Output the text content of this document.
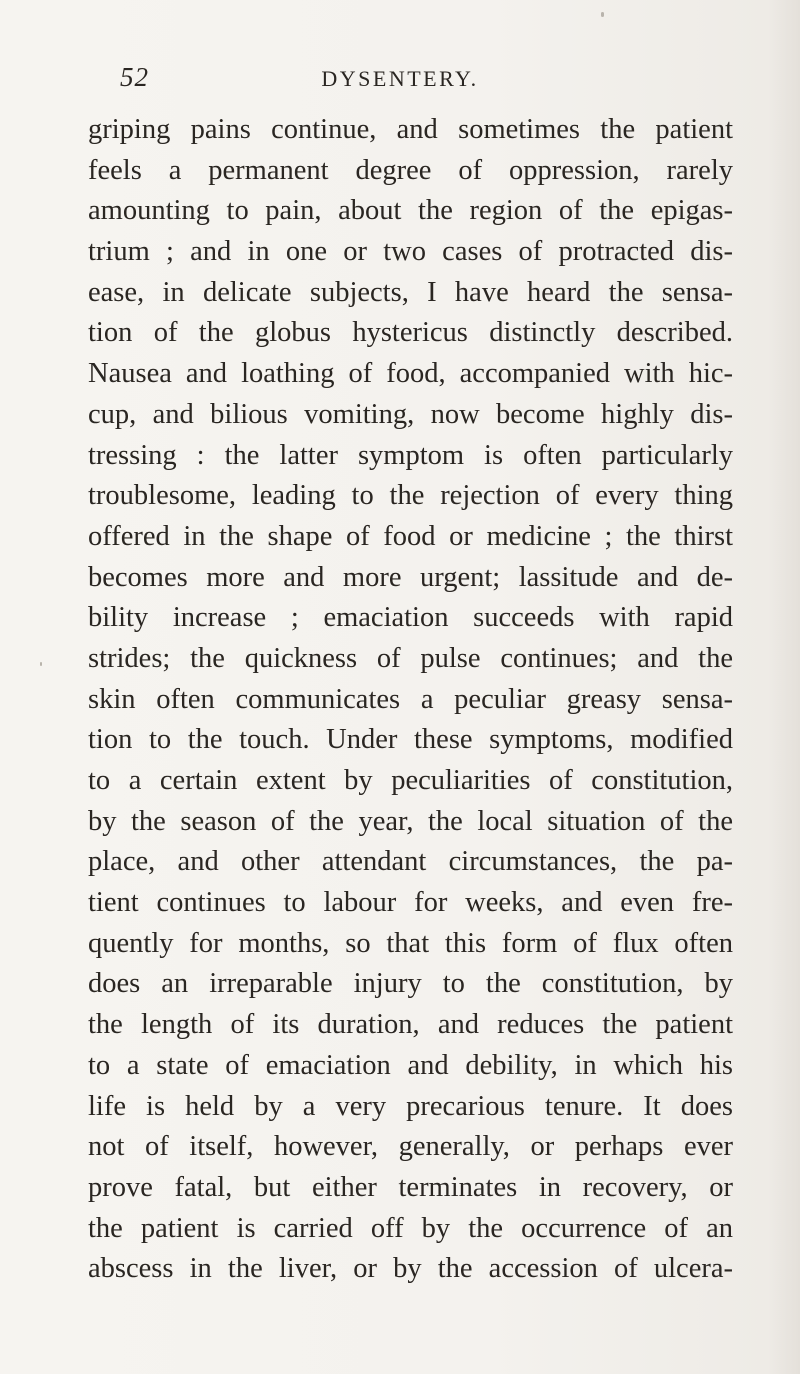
52	DYSENTERY.
griping pains continue, and sometimes the patient
feels a permanent degree of oppression, rarely
amounting to pain, about the region of the epigas-
trium ; and in one or two cases of protracted dis-
ease, in delicate subjects, I have heard the sensa-
tion of the globus hystericus distinctly described.
Nausea and loathing of food, accompanied with hic-
cup, and bilious vomiting, now become highly dis-
tressing : the latter symptom is often particularly
troublesome, leading to the rejection of every thing
offered in the shape of food or medicine ; the thirst
becomes more and more urgent; lassitude and de-
bility increase ; emaciation succeeds with rapid
strides; the quickness of pulse continues; and the
skin often communicates a peculiar greasy sensa-
tion to the touch. Under these symptoms, modified
to a certain extent by peculiarities of constitution,
by the season of the year, the local situation of the
place, and other attendant circumstances, the pa-
tient continues to labour for weeks, and even fre-
quently for months, so that this form of flux often
does an irreparable injury to the constitution, by
the length of its duration, and reduces the patient
to a state of emaciation and debility, in which his
life is held by a very precarious tenure. It does
not of itself, however, generally, or perhaps ever
prove fatal, but either terminates in recovery, or
the patient is carried off by the occurrence of an
abscess in the liver, or by the accession of ulcera-
